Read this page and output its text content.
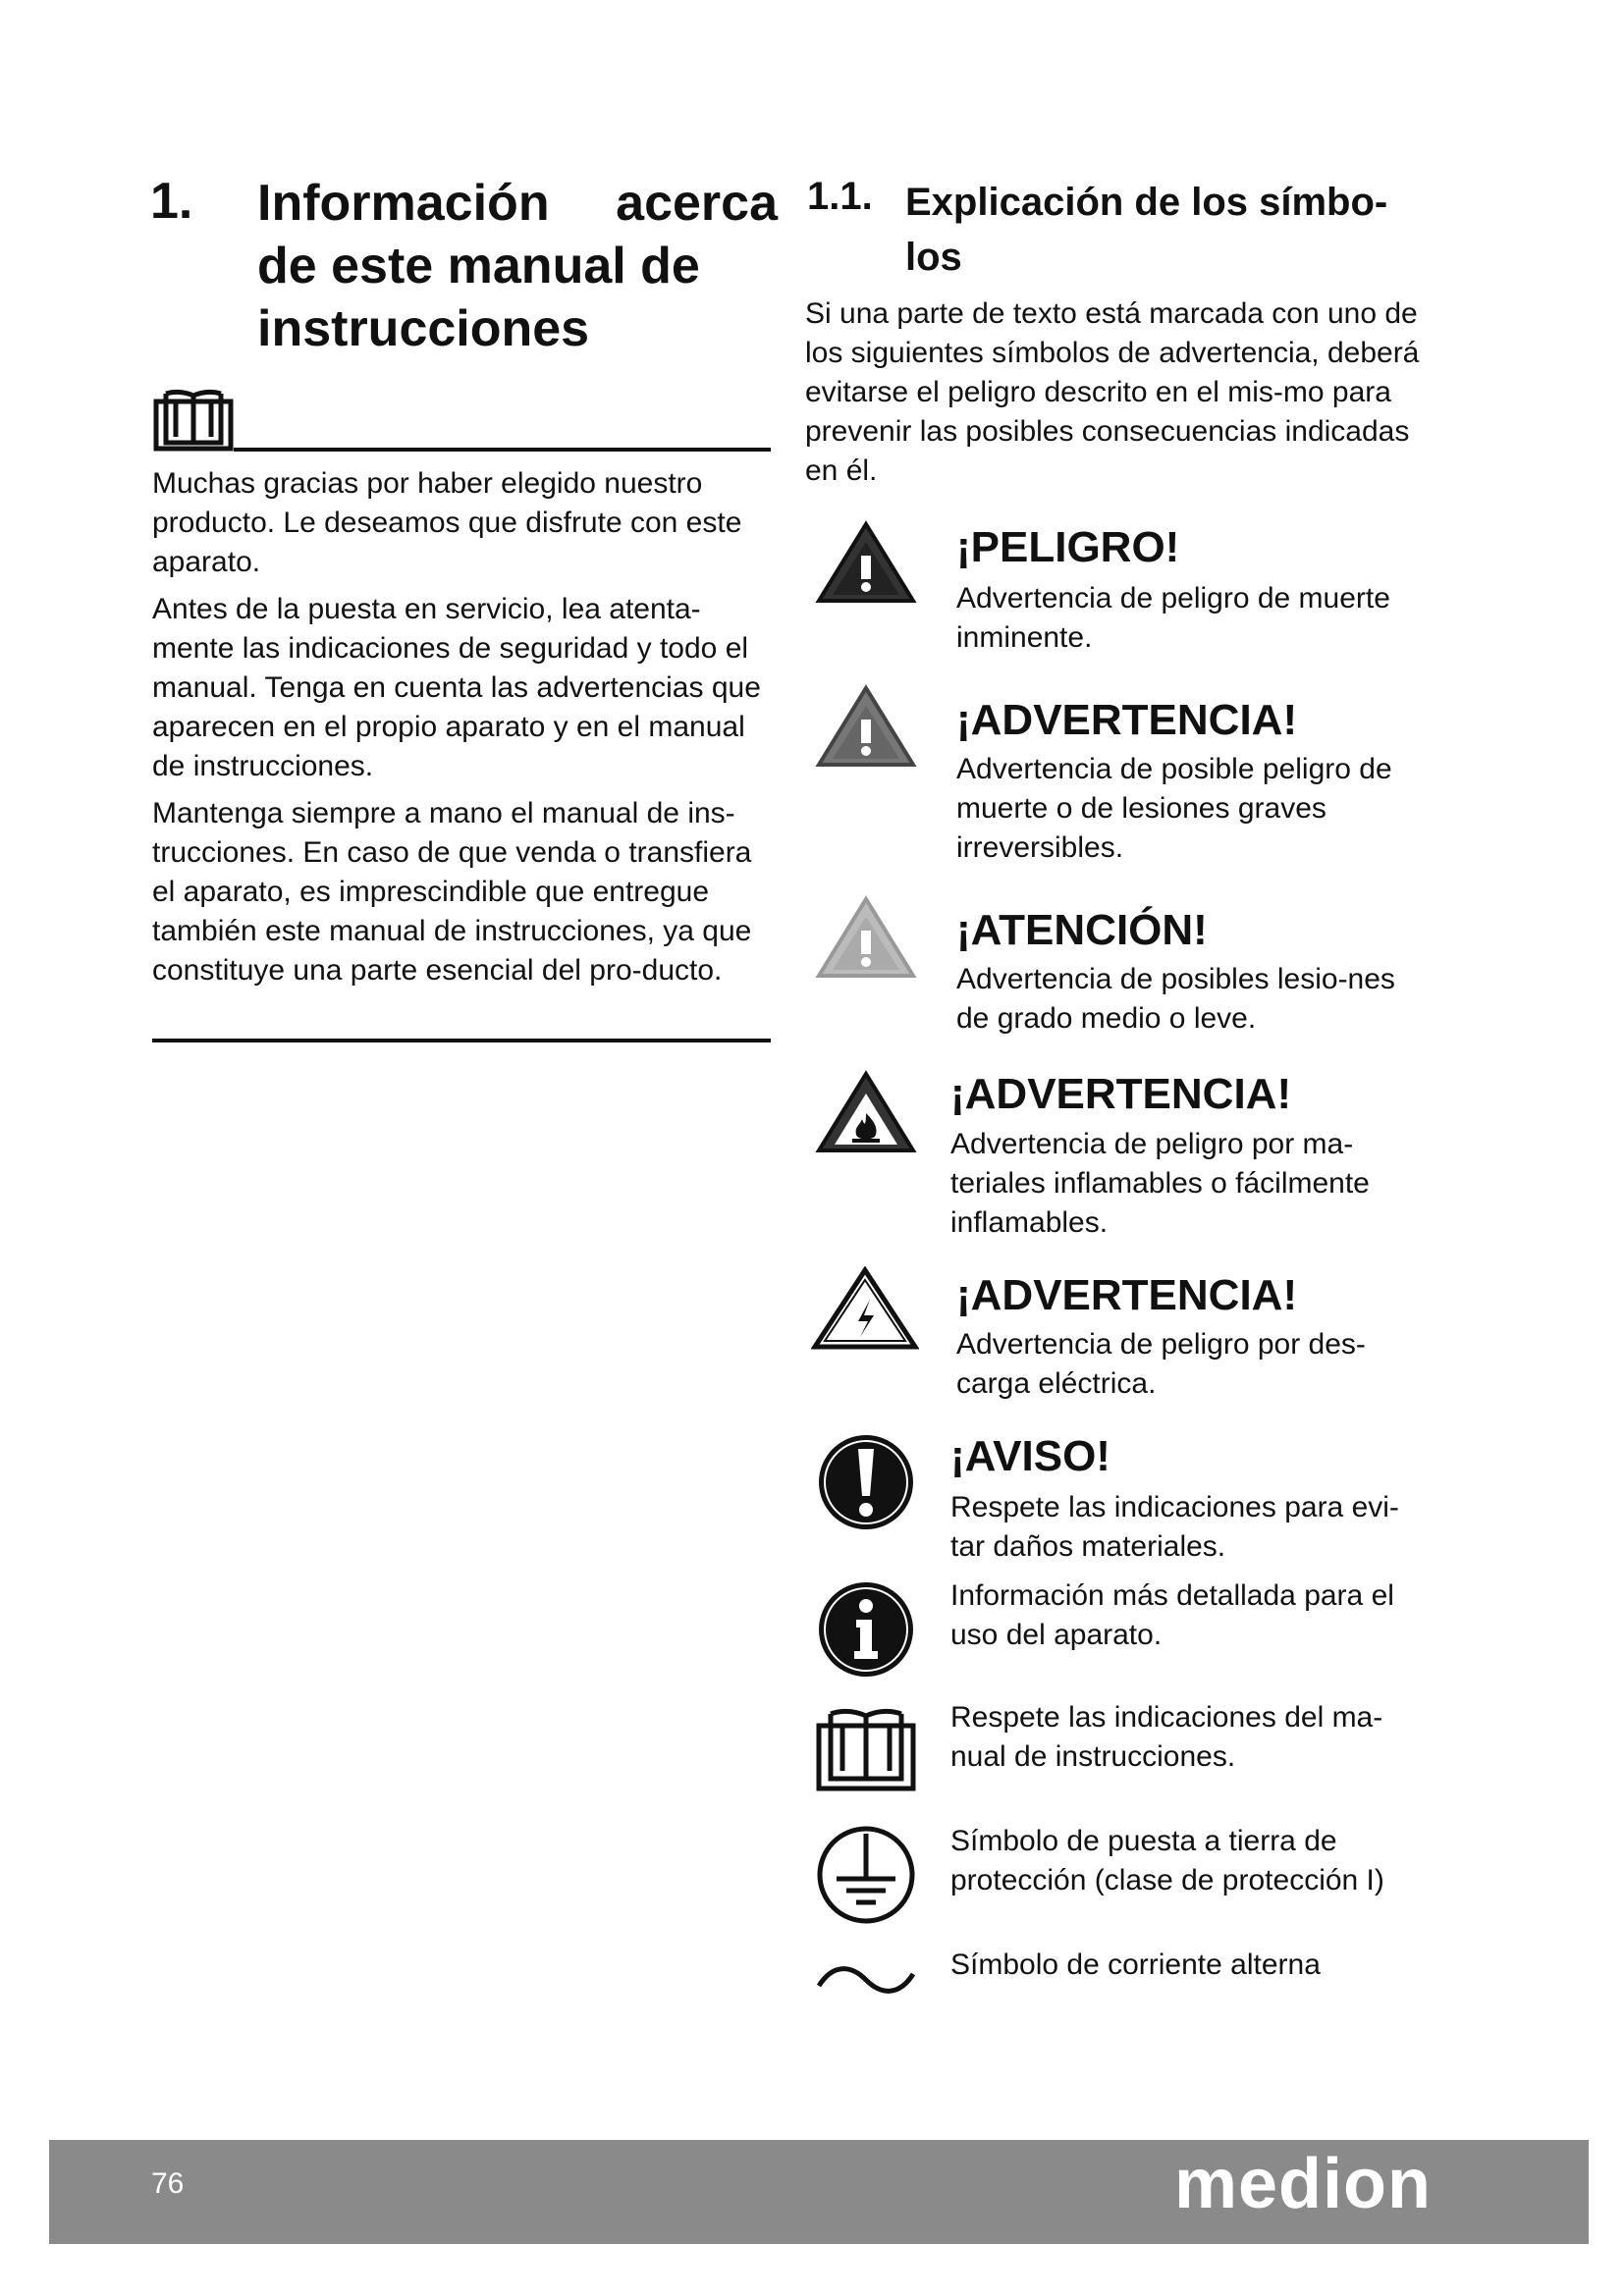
1. Información acerca
de este manual de
instrucciones

Muchas gracias por haber elegido nuestro producto. Le deseamos que disfrute con este aparato.

Antes de la puesta en servicio, lea atenta-mente las indicaciones de seguridad y todo el manual. Tenga en cuenta las advertencias que aparecen en el propio aparato y en el manual de instrucciones.

Mantenga siempre a mano el manual de ins-trucciones. En caso de que venda o transfiera el aparato, es imprescindible que entregue también este manual de instrucciones, ya que constituye una parte esencial del pro-ducto.

1.1. Explicación de los símbo-
los
Si una parte de texto está marcada con uno de los siguientes símbolos de advertencia, deberá evitarse el peligro descrito en el mis-mo para prevenir las posibles consecuencias indicadas en él.
¡PELIGRO!
Advertencia de peligro de muerte inminente.
¡ADVERTENCIA!
Advertencia de posible peligro de muerte o de lesiones graves irreversibles.
¡ATENCIÓN!
Advertencia de posibles lesio-nes de grado medio o leve.
¡ADVERTENCIA!
Advertencia de peligro por ma-teriales inflamables o fácilmente inflamables.
¡ADVERTENCIA!
Advertencia de peligro por des-carga eléctrica.
¡AVISO!
Respete las indicaciones para evi-tar daños materiales.
Información más detallada para el uso del aparato.
Respete las indicaciones del ma-nual de instrucciones.
Símbolo de puesta a tierra de protección (clase de protección I)
Símbolo de corriente alterna
76	medion
